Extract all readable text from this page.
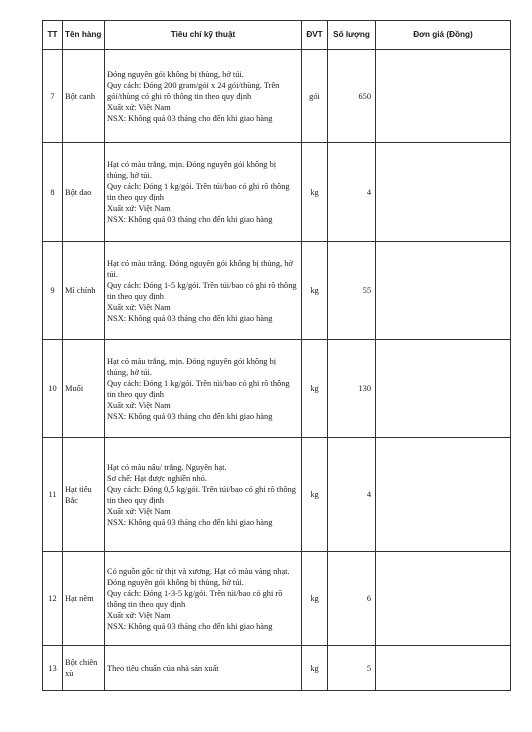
TT	Tên hàng	Tiêu chí kỹ thuật	ĐVT	Số lượng	Đơn giá (Đồng)
7	Bột canh	Đóng nguyên gói không bị thủng, hở túi.
Quy cách: Đóng 200 gram/gói x 24 gói/thùng. Trên gói/thùng có ghi rõ thông tin theo quy định
Xuất xứ: Việt Nam
NSX: Không quá 03 tháng cho đến khi giao hàng	gói	650	
8	Bột dao	Hạt có màu trắng, mịn. Đóng nguyên gói không bị thủng, hở túi.
Quy cách: Đóng 1 kg/gói. Trên túi/bao có ghi rõ thông tin theo quy định
Xuất xứ: Việt Nam
NSX: Không quá 03 tháng cho đến khi giao hàng	kg	4	
9	Mì chính	Hạt có màu trắng. Đóng nguyên gói không bị thủng, hở túi.
Quy cách: Đóng 1-5 kg/gói. Trên túi/bao có ghi rõ thông tin theo quy định
Xuất xứ: Việt Nam
NSX: Không quá 03 tháng cho đến khi giao hàng	kg	55	
10	Muối	Hạt có màu trắng, mịn. Đóng nguyên gói không bị thủng, hở túi.
Quy cách: Đóng 1 kg/gói. Trên túi/bao có ghi rõ thông tin theo quy định
Xuất xứ: Việt Nam
NSX: Không quá 03 tháng cho đến khi giao hàng	kg	130	
11	Hạt tiêu Bắc	Hạt có màu nâu/ trắng. Nguyên hạt.
Sơ chế: Hạt được nghiền nhỏ.
Quy cách: Đóng 0,5 kg/gói. Trên túi/bao có ghi rõ thông tin theo quy định
Xuất xứ: Việt Nam
NSX: Không quá 03 tháng cho đến khi giao hàng	kg	4	
12	Hạt nêm	Có nguồn gốc từ thịt và xương. Hạt có màu vàng nhạt.
Đóng nguyên gói không bị thủng, hở túi.
Quy cách: Đóng 1-3-5 kg/gói. Trên túi/bao có ghi rõ thông tin theo quy định
Xuất xứ: Việt Nam
NSX: Không quá 03 tháng cho đến khi giao hàng	kg	6	
13	Bột chiên xù	Theo tiêu chuẩn của nhà sản xuất	kg	5	
